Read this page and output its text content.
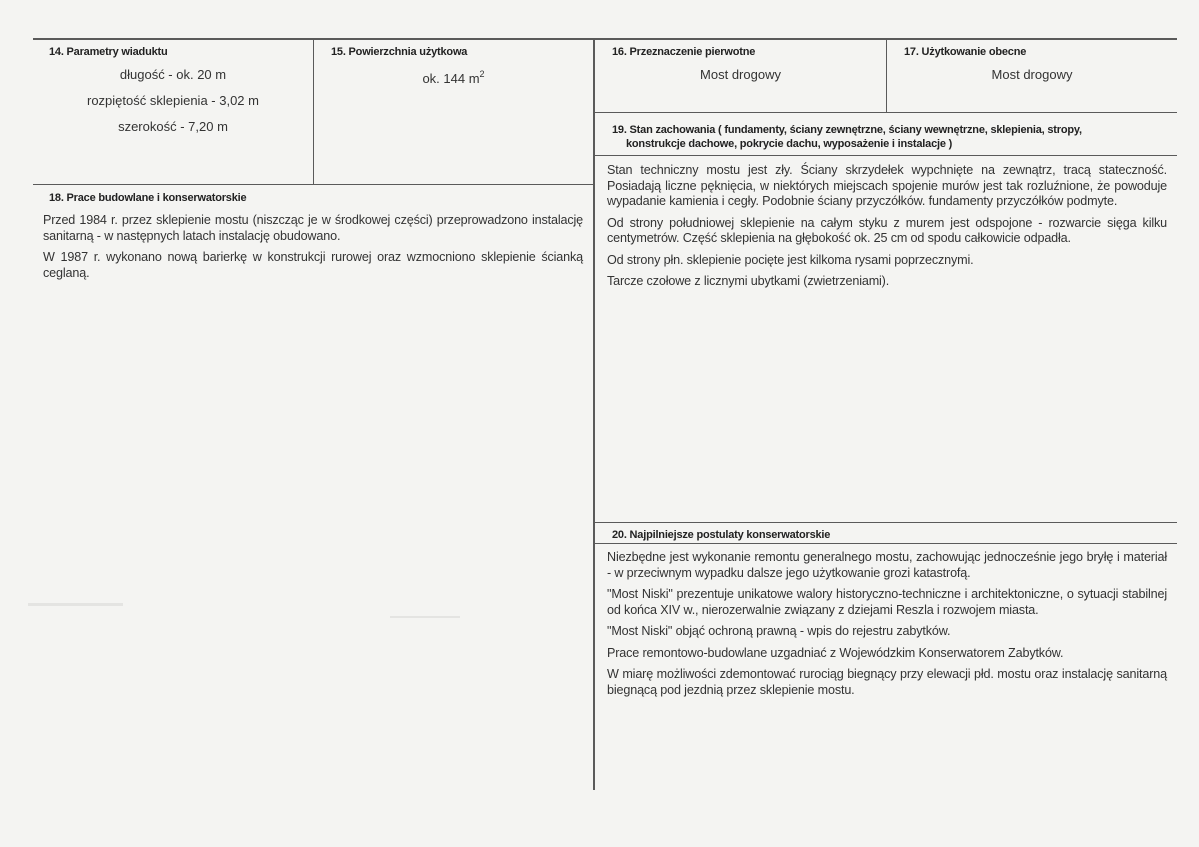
14. Parametry wiaduktu
długość - ok. 20 m
rozpiętość sklepienia - 3,02 m
szerokość - 7,20 m
15. Powierzchnia użytkowa
ok. 144 $m^2$
16. Przeznaczenie pierwotne
Most drogowy
17. Użytkowanie obecne
Most drogowy
18. Prace budowlane i konserwatorskie

Przed 1984 r. przez sklepienie mostu (niszcząc je w środkowej części) przeprowadzono instalację sanitarną - w następnych latach instalację obudowano.

W 1987 r. wykonano nową barierkę w konstrukcji rurowej oraz wzmocniono sklepienie ścianką ceglaną.

19. Stan zachowania ( fundamenty, ściany zewnętrzne, ściany wewnętrzne, sklepienia, stropy,
konstrukcje dachowe, pokrycie dachu, wyposażenie i instalacje )

Stan techniczny mostu jest zły. Ściany skrzydełek wypchnięte na zewnątrz, tracą stateczność. Posiadają liczne pęknięcia, w niektórych miejscach spojenie murów jest tak rozluźnione, że powoduje wypadanie kamienia i cegły. Podobnie ściany przyczółków. fundamenty przyczółków podmyte.

Od strony południowej sklepienie na całym styku z murem jest odspojone - rozwarcie sięga kilku centymetrów. Część sklepienia na głębokość ok. 25 cm od spodu całkowicie odpadła.

Od strony płn. sklepienie pocięte jest kilkoma rysami poprzecznymi.

Tarcze czołowe z licznymi ubytkami (zwietrzeniami).

20. Najpilniejsze postulaty konserwatorskie

Niezbędne jest wykonanie remontu generalnego mostu, zachowując jednocześnie jego bryłę i materiał - w przeciwnym wypadku dalsze jego użytkowanie grozi katastrofą.

"Most Niski" prezentuje unikatowe walory historyczno-techniczne i architektoniczne, o sytuacji stabilnej od końca XIV w., nierozerwalnie związany z dziejami Reszla i rozwojem miasta.

"Most Niski" objąć ochroną prawną - wpis do rejestru zabytków.

Prace remontowo-budowlane uzgadniać z Wojewódzkim Konserwatorem Zabytków.

W miarę możliwości zdemontować rurociąg biegnący przy elewacji płd. mostu oraz instalację sanitarną biegnącą pod jezdnią przez sklepienie mostu.
